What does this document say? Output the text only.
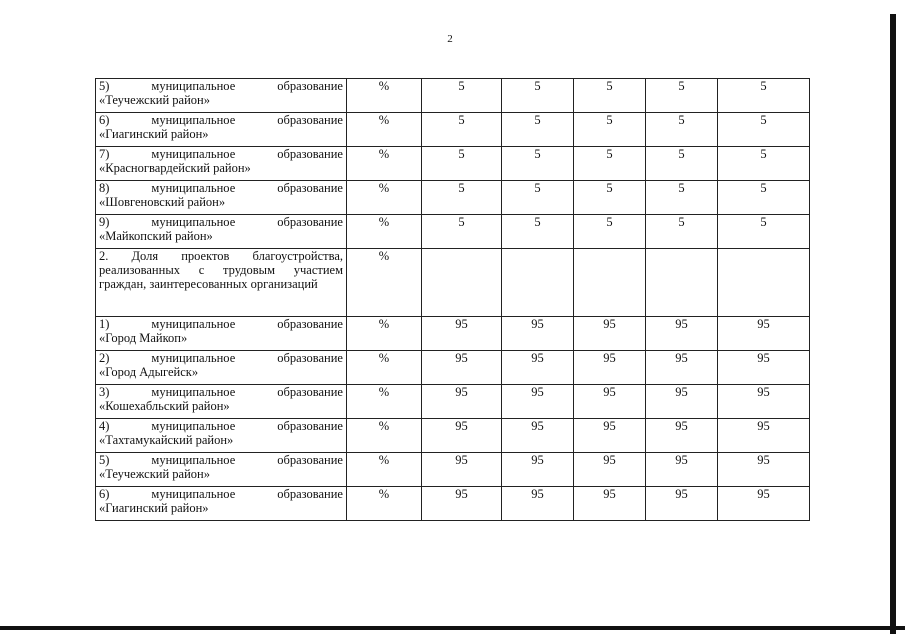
2
5) муниципальное образование
«Теучежский район»	%	5	5	5	5	5

6) муниципальное образование
«Гиагинский район»	%	5	5	5	5	5

7) муниципальное образование
«Красногвардейский район»	%	5	5	5	5	5

8) муниципальное образование
«Шовгеновский район»	%	5	5	5	5	5

9) муниципальное образование
«Майкопский район»	%	5	5	5	5	5
2. Доля проектов благоустройства, реализованных с трудовым участием граждан, заинтересованных организаций	%					

1) муниципальное образование
«Город Майкоп»	%	95	95	95	95	95

2) муниципальное образование
«Город Адыгейск»	%	95	95	95	95	95

3) муниципальное образование
«Кошехабльский район»	%	95	95	95	95	95

4) муниципальное образование
«Тахтамукайский район»	%	95	95	95	95	95

5) муниципальное образование
«Теучежский район»	%	95	95	95	95	95

6) муниципальное образование
«Гиагинский район»	%	95	95	95	95	95
